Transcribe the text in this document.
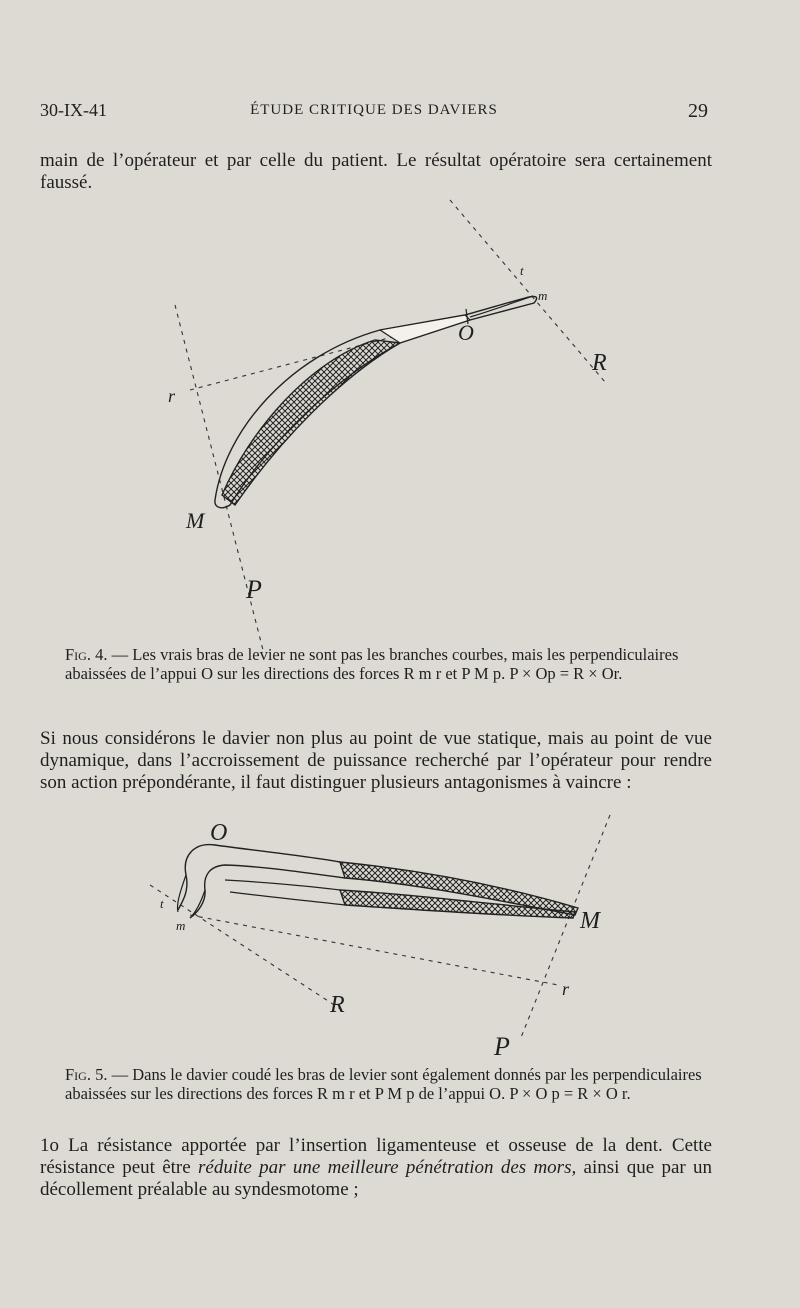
30-IX-41	ÉTUDE CRITIQUE DES DAVIERS	29
main de l’opérateur et par celle du patient. Le résultat opératoire sera certainement faussé.
O
R
M
P
r
m
t
Fig. 4. — Les vrais bras de levier ne sont pas les branches courbes, mais les perpendiculaires abaissées de l’appui O sur les directions des forces R m r et P M p. P × Op = R × Or.
Si nous considérons le davier non plus au point de vue statique, mais au point de vue dynamique, dans l’accroissement de puissance recherché par l’opérateur pour rendre son action prépondérante, il faut distinguer plusieurs antagonismes à vaincre :
O
R
M
P
r
m
t
Fig. 5. — Dans le davier coudé les bras de levier sont également donnés par les perpendiculaires abaissées sur les directions des forces R m r et P M p de l’appui O. P × O p = R × O r.
1o La résistance apportée par l’insertion ligamenteuse et osseuse de la dent. Cette résistance peut être réduite par une meilleure pénétration des mors, ainsi que par un décollement préalable au syndesmotome ;
